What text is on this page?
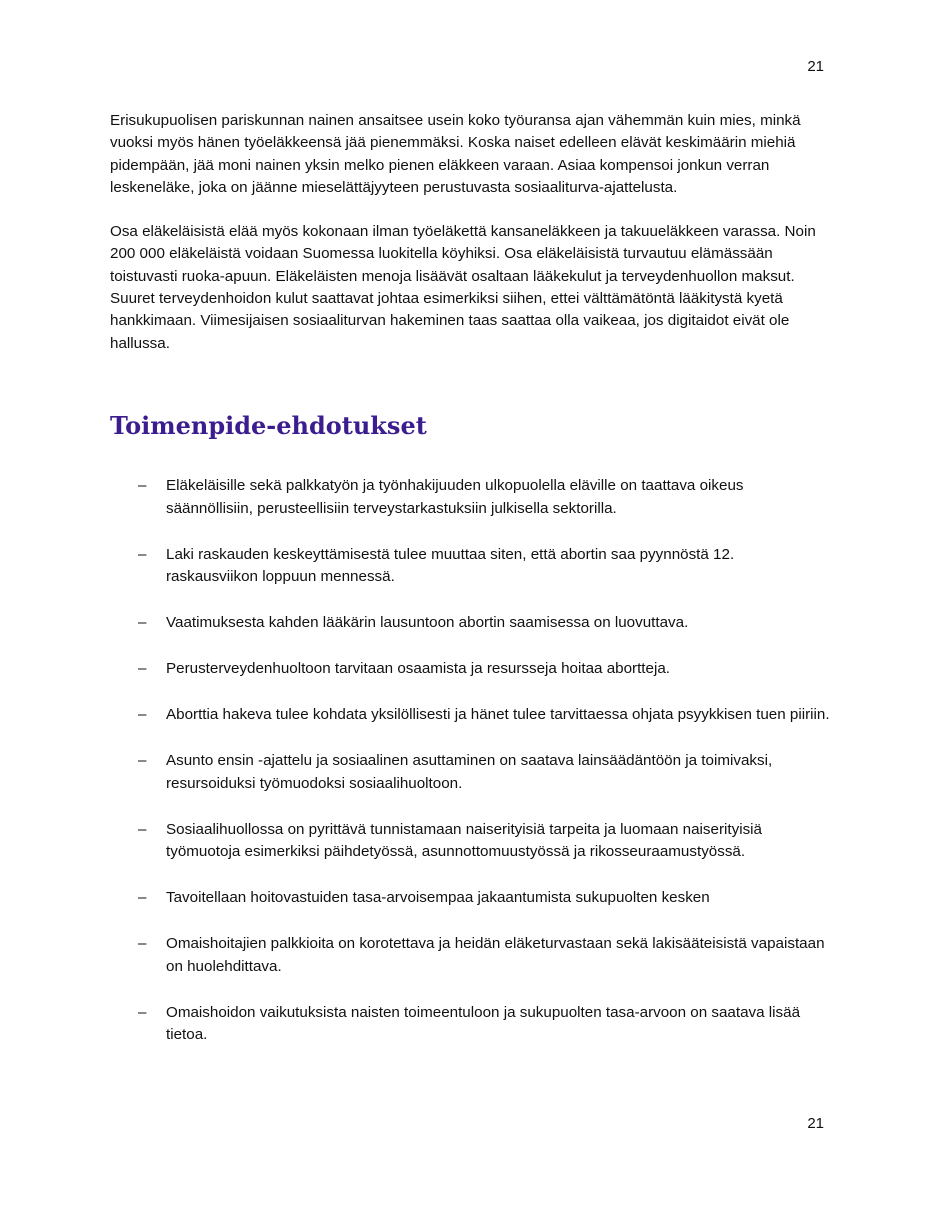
21

Erisukupuolisen pariskunnan nainen ansaitsee usein koko työuransa ajan vähemmän kuin mies, minkä vuoksi myös hänen työeläkkeensä jää pienemmäksi. Koska naiset edelleen elävät keskimäärin miehiä pidempään, jää moni nainen yksin melko pienen eläkkeen varaan. Asiaa kompensoi jonkun verran leskeneläke, joka on jäänne mieselättäjyyteen perustuvasta sosiaaliturva-ajattelusta.

Osa eläkeläisistä elää myös kokonaan ilman työeläkettä kansaneläkkeen ja takuueläkkeen varassa. Noin 200 000 eläkeläistä voidaan Suomessa luokitella köyhiksi. Osa eläkeläisistä turvautuu elämässään toistuvasti ruoka-apuun. Eläkeläisten menoja lisäävät osaltaan lääkekulut ja terveydenhuollon maksut. Suuret terveydenhoidon kulut saattavat johtaa esimerkiksi siihen, ettei välttämätöntä lääkitystä kyetä hankkimaan. Viimesijaisen sosiaaliturvan hakeminen taas saattaa olla vaikeaa, jos digitaidot eivät ole hallussa.

Toimenpide-ehdotukset
– Eläkeläisille sekä palkkatyön ja työnhakijuuden ulkopuolella eläville on taattava oikeus säännöllisiin, perusteellisiin terveystarkastuksiin julkisella sektorilla.
– Laki raskauden keskeyttämisestä tulee muuttaa siten, että abortin saa pyynnöstä 12. raskausviikon loppuun mennessä.
– Vaatimuksesta kahden lääkärin lausuntoon abortin saamisessa on luovuttava.
– Perusterveydenhuoltoon tarvitaan osaamista ja resursseja hoitaa abortteja.
– Aborttia hakeva tulee kohdata yksilöllisesti ja hänet tulee tarvittaessa ohjata psyykkisen tuen piiriin.
– Asunto ensin -ajattelu ja sosiaalinen asuttaminen on saatava lainsäädäntöön ja toimivaksi, resursoiduksi työmuodoksi sosiaalihuoltoon.
– Sosiaalihuollossa on pyrittävä tunnistamaan naiserityisiä tarpeita ja luomaan naiserityisiä työmuotoja esimerkiksi päihdetyössä, asunnottomuustyössä ja rikosseuraamustyössä.
– Tavoitellaan hoitovastuiden tasa-arvoisempaa jakaantumista sukupuolten kesken
– Omaishoitajien palkkioita on korotettava ja heidän eläketurvastaan sekä lakisääteisistä vapaistaan on huolehdittava.
– Omaishoidon vaikutuksista naisten toimeentuloon ja sukupuolten tasa-arvoon on saatava lisää tietoa.
21
